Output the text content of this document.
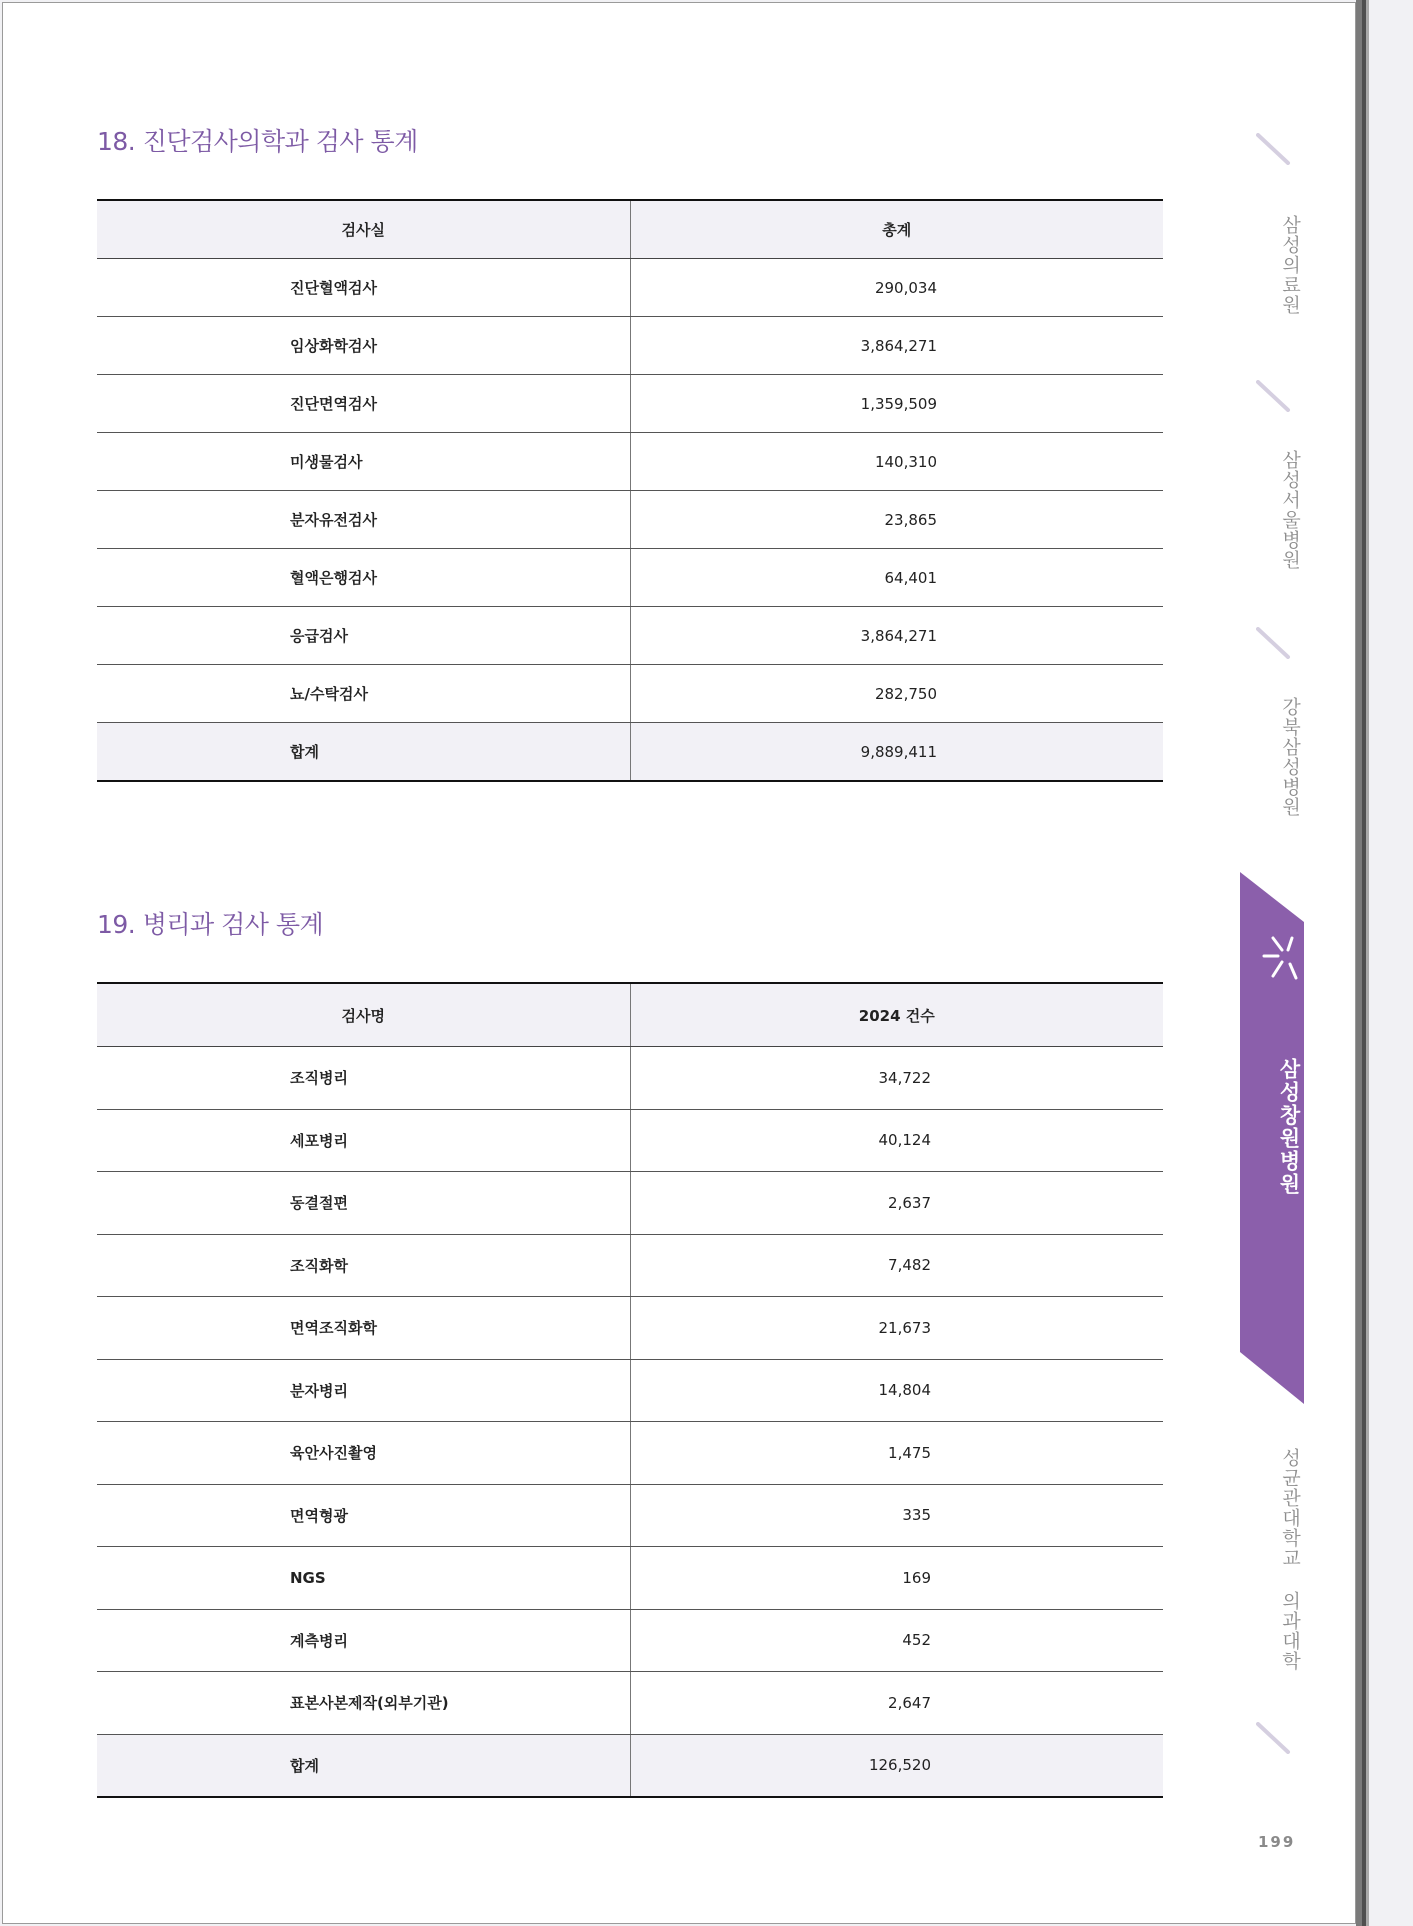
18. 진단검사의학과 검사 통계
검사실	총계
진단혈액검사	290,034
임상화학검사	3,864,271
진단면역검사	1,359,509
미생물검사	140,310
분자유전검사	23,865
혈액은행검사	64,401
응급검사	3,864,271
뇨/수탁검사	282,750
합계	9,889,411
19. 병리과 검사 통계
검사명	2024 건수
조직병리	34,722
세포병리	40,124
동결절편	2,637
조직화학	7,482
면역조직화학	21,673
분자병리	14,804
육안사진촬영	1,475
면역형광	335
NGS	169
계측병리	452
표본사본제작(외부기관)	2,647
합계	126,520
삼성의료원
삼성서울병원
강북삼성병원
삼성창원병원
성균관대학교 의과대학

199
